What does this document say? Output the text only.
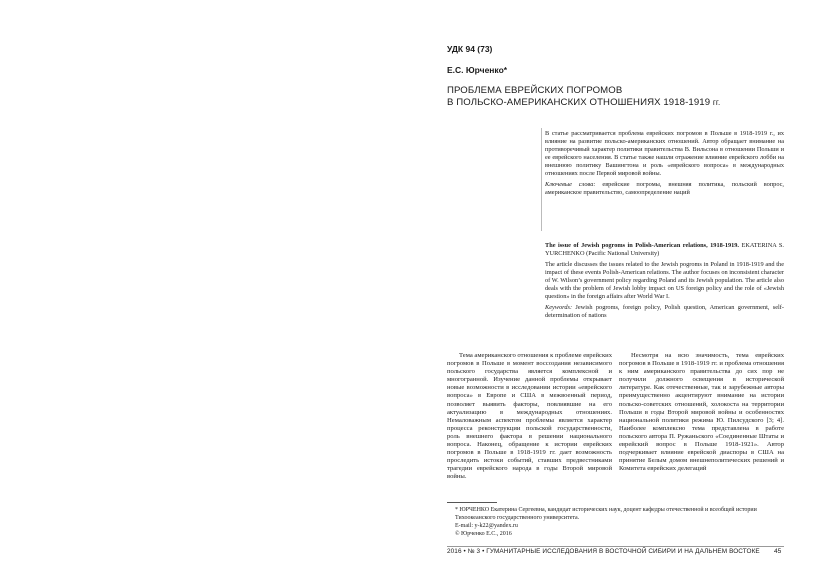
УДК 94 (73)
Е.С. Юрченко*
ПРОБЛЕМА ЕВРЕЙСКИХ ПОГРОМОВ
В ПОЛЬСКО-АМЕРИКАНСКИХ ОТНОШЕНИЯХ 1918-1919 гг.

В статье рассматривается проблема еврейских погромов в Польше в 1918-1919 г., их влияние на развитие польско-американских отношений. Автор обращает внимание на противоречивый характер политики правительства В. Вильсона в отношении Польши и ее еврейского населения. В статье также нашли отражение влияние еврейского лобби на внешнюю политику Вашингтона и роль «еврейского вопроса» в международных отношениях после Первой мировой войны.

Ключевые слова: еврейские погромы, внешняя политика, польский вопрос, американское правительство, самоопределение наций

The issue of Jewish pogroms in Polish-American relations, 1918-1919. EKATERINA S. YURCHENKO (Pacific National University)

The article discusses the issues related to the Jewish pogroms in Poland in 1918-1919 and the impact of these events Polish-American relations. The author focuses on inconsistent character of W. Wilson’s government policy regarding Poland and its Jewish population. The article also deals with the problem of Jewish lobby impact on US foreign policy and the role of «Jewish question» in the foreign affairs after World War I.

Keywords: Jewish pogroms, foreign policy, Polish question, American government, self-determination of nations

Тема американского отношения к проблеме еврейских погромов в Польше в момент воссоздания независимого польского государства является комплексной и многогранной. Изучение данной проблемы открывает новые возможности в исследовании истории «еврейского вопроса» в Европе и США в межвоенный период, позволяет выявить факторы, повлиявшие на его актуализацию в международных отношениях. Немаловажным аспектом проблемы является характер процесса реконструкции польской государственности, роль внешнего фактора в решении национального вопроса. Наконец, обращение к истории еврейских погромов в Польше в 1918-1919 гг. дает возможность проследить истоки событий, ставших предвестниками трагедии еврейского народа в годы Второй мировой войны.

Несмотря на всю значимость, тема еврейских погромов в Польше в 1918-1919 гг. и проблема отношения к ним американского правительства до сих пор не получили должного освещения в исторической литературе. Как отечественные, так и зарубежные авторы преимущественно акцентируют внимание на истории польско-советских отношений, холокоста на территории Польши в годы Второй мировой войны и особенностях национальной политики режима Ю. Пилсудского [3; 4]. Наиболее комплексно тема представлена в работе польского автора П. Ружаньского «Соединенные Штаты и еврейский вопрос в Польше 1918-1921». Автор подчеркивает влияние еврейской диаспоры в США на принятие Белым домом внешнеполитических решений и Комитета еврейских делегаций

* ЮРЧЕНКО Екатерина Сергеевна, кандидат исторических наук, доцент кафедры отечественной и всеобщей истории Тихоокеанского государственного университета.

E-mail: y-k22@yandex.ru

© Юрченко Е.С., 2016

2016 • № 3 • ГУМАНИТАРНЫЕ ИССЛЕДОВАНИЯ В ВОСТОЧНОЙ СИБИРИ И НА ДАЛЬНЕМ ВОСТОКЕ	45
